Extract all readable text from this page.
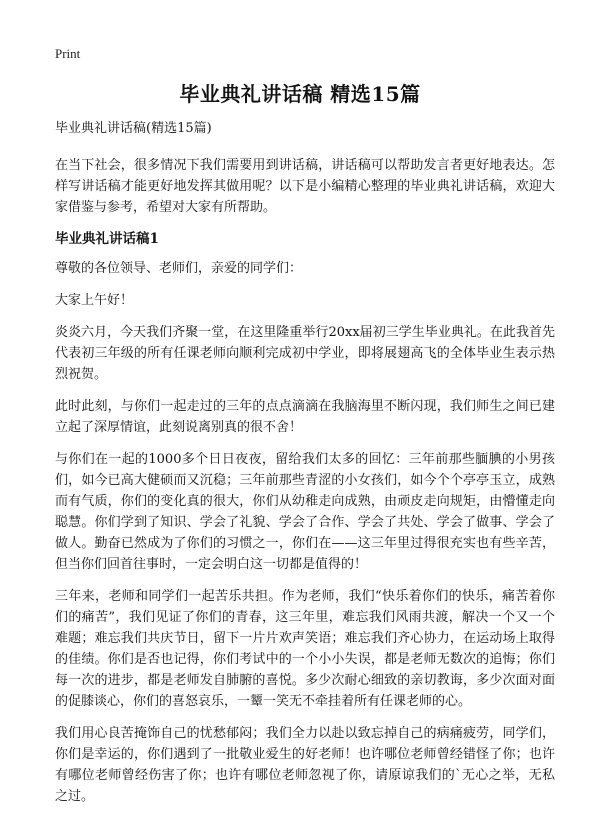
Print
毕业典礼讲话稿 精选15篇

毕业典礼讲话稿(精选15篇)

在当下社会，很多情况下我们需要用到讲话稿，讲话稿可以帮助发言者更好地表达。怎样写讲话稿才能更好地发挥其做用呢？以下是小编精心整理的毕业典礼讲话稿，欢迎大家借鉴与参考，希望对大家有所帮助。

毕业典礼讲话稿1

尊敬的各位领导、老师们，亲爱的同学们：

大家上午好！

炎炎六月，今天我们齐聚一堂，在这里隆重举行20xx届初三学生毕业典礼。在此我首先代表初三年级的所有任课老师向顺利完成初中学业，即将展翅高飞的全体毕业生表示热烈祝贺。

此时此刻，与你们一起走过的三年的点点滴滴在我脑海里不断闪现，我们师生之间已建立起了深厚情谊，此刻说离别真的很不舍！

与你们在一起的1000多个日日夜夜，留给我们太多的回忆：三年前那些腼腆的小男孩们，如今已高大健硕而又沉稳；三年前那些青涩的小女孩们，如今个个亭亭玉立，成熟而有气质，你们的变化真的很大，你们从幼稚走向成熟，由顽皮走向规矩，由懵懂走向聪慧。你们学到了知识、学会了礼貌、学会了合作、学会了共处、学会了做事、学会了做人。勤奋已然成为了你们的习惯之一，你们在——这三年里过得很充实也有些辛苦，但当你们回首往事时，一定会明白这一切都是值得的！

三年来，老师和同学们一起苦乐共担。作为老师，我们“快乐着你们的快乐，痛苦着你们的痛苦”，我们见证了你们的青春，这三年里，难忘我们风雨共渡，解决一个又一个难题；难忘我们共庆节日，留下一片片欢声笑语；难忘我们齐心协力，在运动场上取得的佳绩。你们是否也记得，你们考试中的一个小小失误，都是老师无数次的追悔；你们每一次的进步，都是老师发自肺腑的喜悦。多少次耐心细致的亲切教诲，多少次面对面的促膝谈心，你们的喜怒哀乐，一颦一笑无不牵挂着所有任课老师的心。

我们用心良苦掩饰自己的忧愁郁闷；我们全力以赴以致忘掉自己的病痛疲劳，同学们，你们是幸运的，你们遇到了一批敬业爱生的好老师！也许哪位老师曾经错怪了你；也许有哪位老师曾经伤害了你；也许有哪位老师忽视了你，请原谅我们的`无心之举，无私之过。
